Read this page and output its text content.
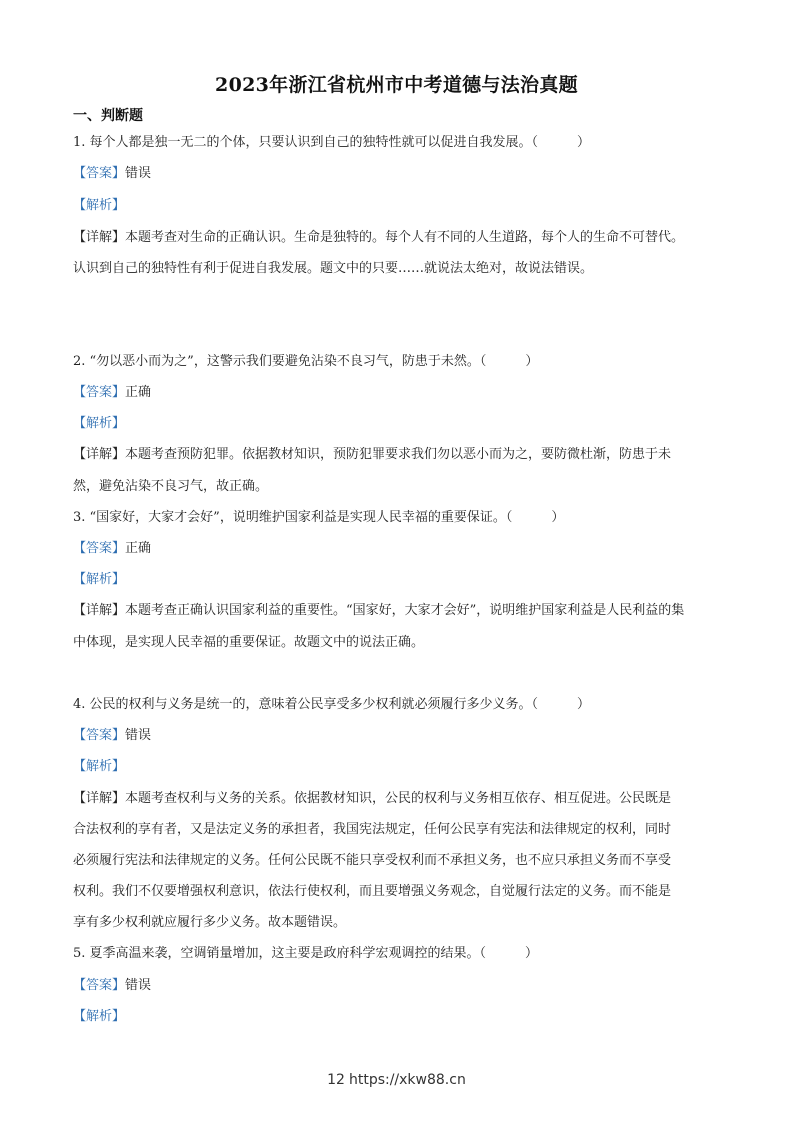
2023年浙江省杭州市中考道德与法治真题
一、判断题
1. 每个人都是独一无二的个体，只要认识到自己的独特性就可以促进自我发展。（　　　）
【答案】错误
【解析】
【详解】本题考查对生命的正确认识。生命是独特的。每个人有不同的人生道路，每个人的生命不可替代。
认识到自己的独特性有利于促进自我发展。题文中的只要……就说法太绝对，故说法错误。
2. “勿以恶小而为之”，这警示我们要避免沾染不良习气，防患于未然。（　　　）
【答案】正确
【解析】
【详解】本题考查预防犯罪。依据教材知识，预防犯罪要求我们勿以恶小而为之，要防微杜渐，防患于未
然，避免沾染不良习气，故正确。
3. “国家好，大家才会好”，说明维护国家利益是实现人民幸福的重要保证。（　　　）
【答案】正确
【解析】
【详解】本题考查正确认识国家利益的重要性。“国家好，大家才会好”，说明维护国家利益是人民利益的集
中体现，是实现人民幸福的重要保证。故题文中的说法正确。
4. 公民的权利与义务是统一的，意味着公民享受多少权利就必须履行多少义务。（　　　）
【答案】错误
【解析】
【详解】本题考查权利与义务的关系。依据教材知识，公民的权利与义务相互依存、相互促进。公民既是
合法权利的享有者，又是法定义务的承担者，我国宪法规定，任何公民享有宪法和法律规定的权利，同时
必须履行宪法和法律规定的义务。任何公民既不能只享受权利而不承担义务，也不应只承担义务而不享受
权利。我们不仅要增强权利意识，依法行使权利，而且要增强义务观念，自觉履行法定的义务。而不能是
享有多少权利就应履行多少义务。故本题错误。
5. 夏季高温来袭，空调销量增加，这主要是政府科学宏观调控的结果。（　　　）
【答案】错误
【解析】
12 https://xkw88.cn
